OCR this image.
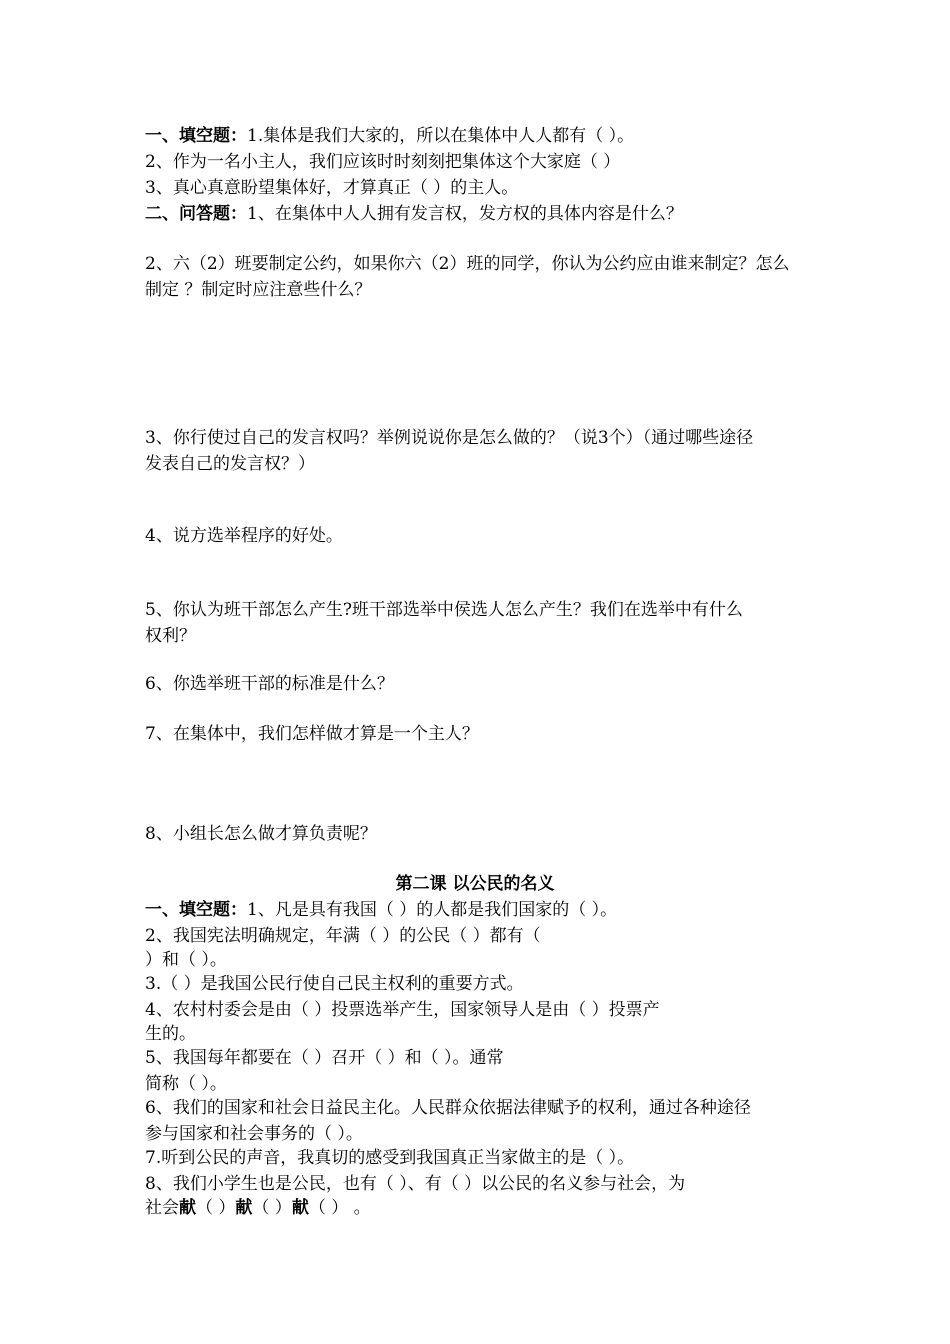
一、填空题：1.集体是我们大家的，所以在集体中人人都有（ ）。
2、作为一名小主人，我们应该时时刻刻把集体这个大家庭（ ）
3、真心真意盼望集体好，才算真正（ ）的主人。
二、问答题：1、在集体中人人拥有发言权，发方权的具体内容是什么？
2、六（2）班要制定公约，如果你六（2）班的同学，你认为公约应由谁来制定？怎么
制定 ？制定时应注意些什么？
3、你行使过自己的发言权吗？举例说说你是怎么做的？（说3个）（通过哪些途径
发表自己的发言权？）
4、说方选举程序的好处。
5、你认为班干部怎么产生?班干部选举中侯选人怎么产生？我们在选举中有什么
权利？
6、你选举班干部的标准是什么？
7、在集体中，我们怎样做才算是一个主人？
8、小组长怎么做才算负责呢？
第二课 以公民的名义
一、填空题：1、凡是具有我国（ ）的人都是我们国家的（ ）。
2、我国宪法明确规定，年满（ ）的公民（ ）都有（
）和（ ）。
3.（ ）是我国公民行使自己民主权利的重要方式。
4、农村村委会是由（ ）投票选举产生，国家领导人是由（ ）投票产
生的。
5、我国每年都要在（ ）召开（ ）和（ ）。通常
简称（ ）。
6、我们的国家和社会日益民主化。人民群众依据法律赋予的权利，通过各种途径
参与国家和社会事务的（ ）。
7.听到公民的声音，我真切的感受到我国真正当家做主的是（ ）。
8、我们小学生也是公民，也有（ ）、有（ ）以公民的名义参与社会，为
社会献（ ）献（ ）献（ ） 。
